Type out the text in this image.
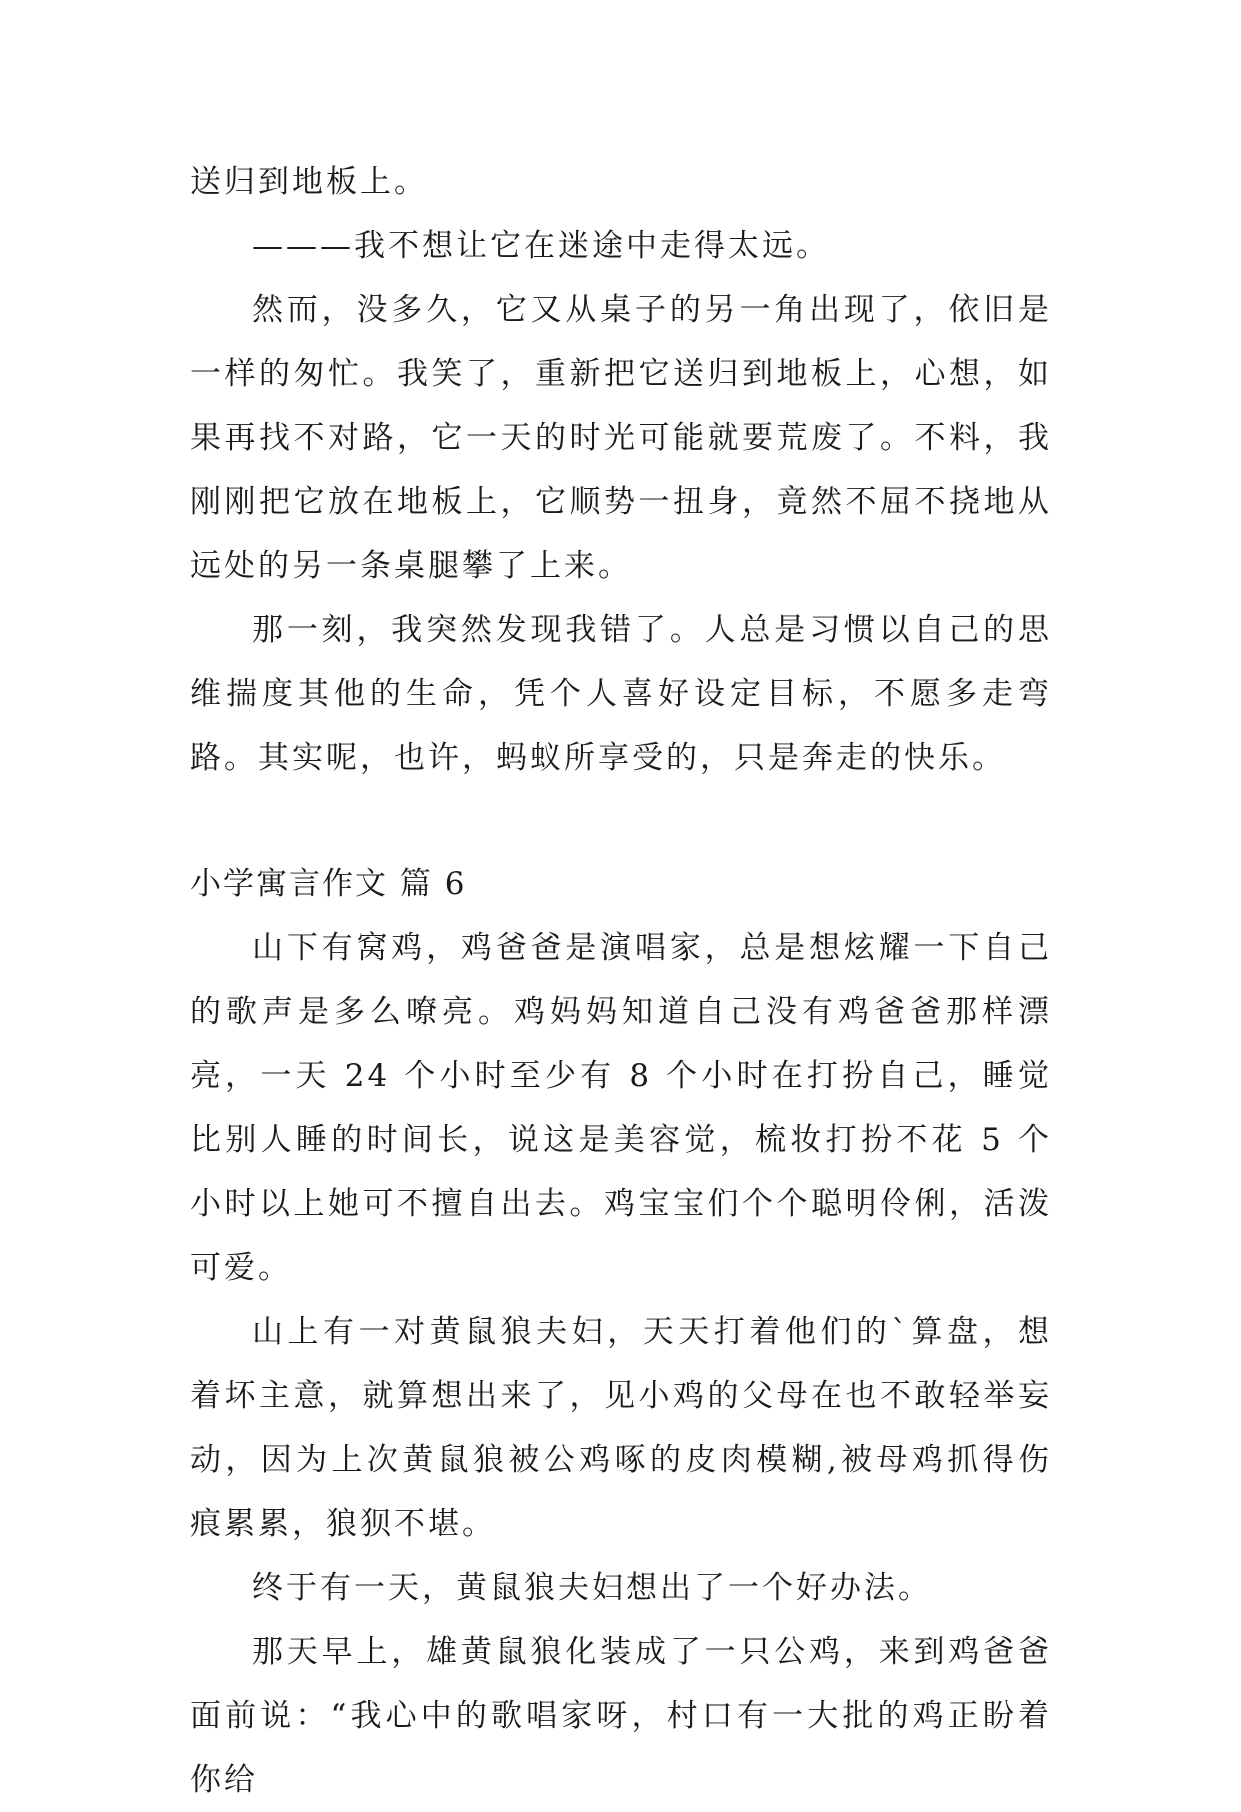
送归到地板上。

———我不想让它在迷途中走得太远。

然而，没多久，它又从桌子的另一角出现了，依旧是一样的匆忙。我笑了，重新把它送归到地板上，心想，如果再找不对路，它一天的时光可能就要荒废了。不料，我刚刚把它放在地板上，它顺势一扭身，竟然不屈不挠地从远处的另一条桌腿攀了上来。

那一刻，我突然发现我错了。人总是习惯以自己的思维揣度其他的生命，凭个人喜好设定目标，不愿多走弯路。其实呢，也许，蚂蚁所享受的，只是奔走的快乐。

小学寓言作文 篇 6

山下有窝鸡，鸡爸爸是演唱家，总是想炫耀一下自己的歌声是多么嘹亮。鸡妈妈知道自己没有鸡爸爸那样漂亮，一天 24 个小时至少有 8 个小时在打扮自己，睡觉比别人睡的时间长，说这是美容觉，梳妆打扮不花 5 个小时以上她可不擅自出去。鸡宝宝们个个聪明伶俐，活泼可爱。

山上有一对黄鼠狼夫妇，天天打着他们的`算盘，想着坏主意，就算想出来了，见小鸡的父母在也不敢轻举妄动，因为上次黄鼠狼被公鸡啄的皮肉模糊,被母鸡抓得伤痕累累，狼狈不堪。

终于有一天，黄鼠狼夫妇想出了一个好办法。

那天早上，雄黄鼠狼化装成了一只公鸡，来到鸡爸爸面前说：“我心中的歌唱家呀，村口有一大批的鸡正盼着你给
